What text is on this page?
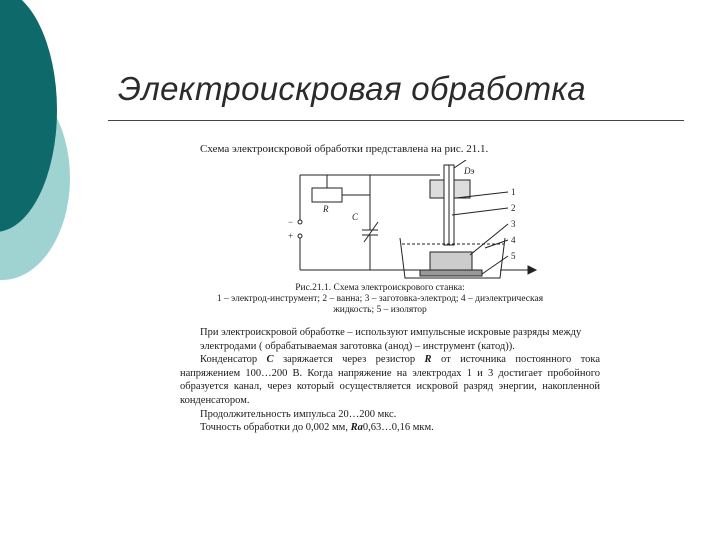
Электроискровая обработка
Схема электроискровой обработки представлена на рис. 21.1.
R
C
Dэ
1
2
3
4
5
−
+
Рис.21.1. Схема электроискрового станка:
1 – электрод-инструмент; 2 – ванна; 3 – заготовка-электрод; 4 – диэлектрическая
жидкость; 5 – изолятор

При электроискровой обработке – используют импульсные искровые разряды между

электродами ( обрабатываемая заготовка (анод) – инструмент (катод)).

Конденсатор С заряжается через резистор R от источника постоянного тока напряжением 100…200 В. Когда напряжение на электродах 1 и 3 достигает пробойного образуется канал, через который осуществляется искровой разряд энергии, накопленной конденсатором.

Продолжительность импульса 20…200 мкс.

Точность обработки до 0,002 мм, Ra0,63…0,16 мкм.
